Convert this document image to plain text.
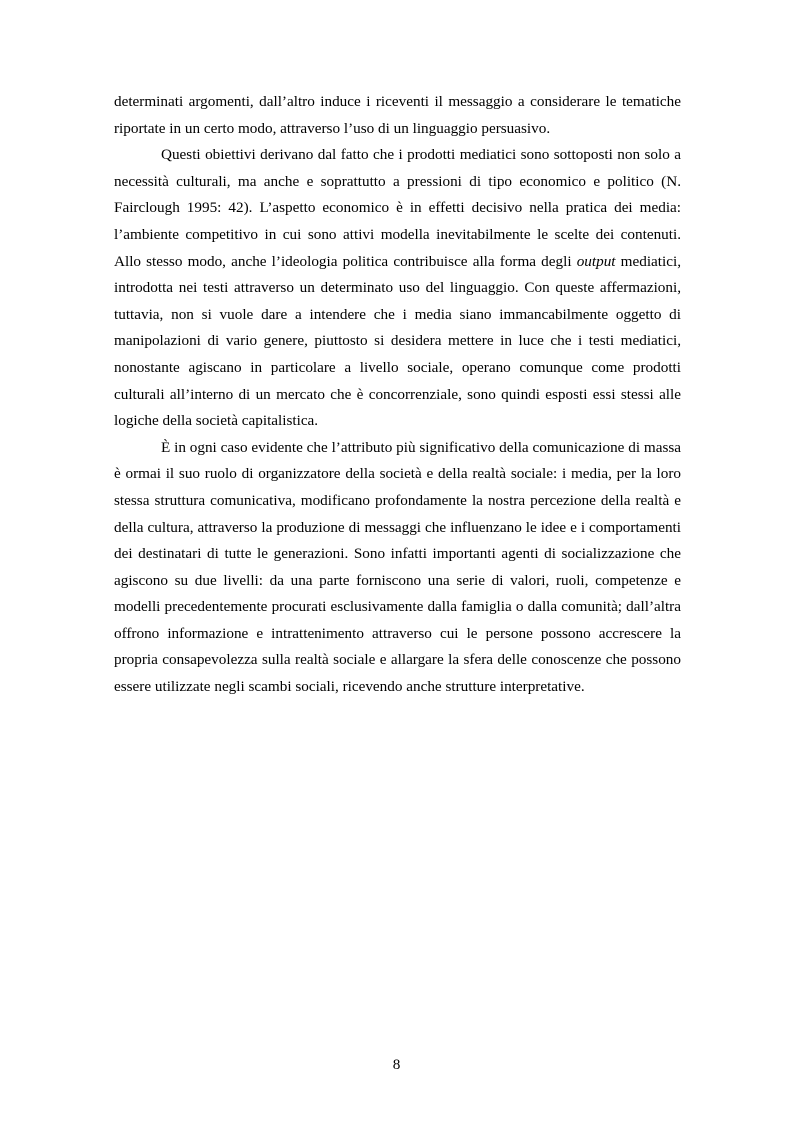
determinati argomenti, dall’altro induce i riceventi il messaggio a considerare le tematiche riportate in un certo modo, attraverso l’uso di un linguaggio persuasivo.

Questi obiettivi derivano dal fatto che i prodotti mediatici sono sottoposti non solo a necessità culturali, ma anche e soprattutto a pressioni di tipo economico e politico (N. Fairclough 1995: 42). L’aspetto economico è in effetti decisivo nella pratica dei media: l’ambiente competitivo in cui sono attivi modella inevitabilmente le scelte dei contenuti. Allo stesso modo, anche l’ideologia politica contribuisce alla forma degli output mediatici, introdotta nei testi attraverso un determinato uso del linguaggio. Con queste affermazioni, tuttavia, non si vuole dare a intendere che i media siano immancabilmente oggetto di manipolazioni di vario genere, piuttosto si desidera mettere in luce che i testi mediatici, nonostante agiscano in particolare a livello sociale, operano comunque come prodotti culturali all’interno di un mercato che è concorrenziale, sono quindi esposti essi stessi alle logiche della società capitalistica.

È in ogni caso evidente che l’attributo più significativo della comunicazione di massa è ormai il suo ruolo di organizzatore della società e della realtà sociale: i media, per la loro stessa struttura comunicativa, modificano profondamente la nostra percezione della realtà e della cultura, attraverso la produzione di messaggi che influenzano le idee e i comportamenti dei destinatari di tutte le generazioni. Sono infatti importanti agenti di socializzazione che agiscono su due livelli: da una parte forniscono una serie di valori, ruoli, competenze e modelli precedentemente procurati esclusivamente dalla famiglia o dalla comunità; dall’altra offrono informazione e intrattenimento attraverso cui le persone possono accrescere la propria consapevolezza sulla realtà sociale e allargare la sfera delle conoscenze che possono essere utilizzate negli scambi sociali, ricevendo anche strutture interpretative.

8
